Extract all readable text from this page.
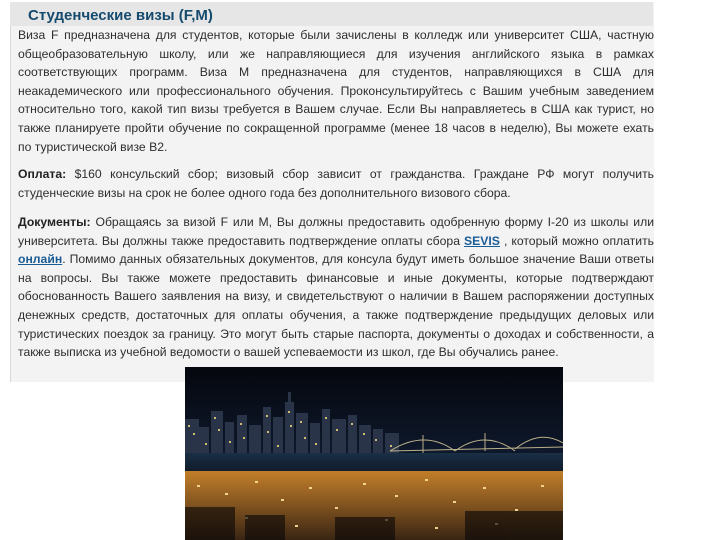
Студенческие визы (F,M)
Виза F предназначена для студентов, которые были зачислены в колледж или университет США, частную общеобразовательную школу, или же направляющиеся для изучения английского языка в рамках соответствующих программ. Виза М предназначена для студентов, направляющихся в США для неакадемического или профессионального обучения. Проконсультируйтесь с Вашим учебным заведением относительно того, какой тип визы требуется в Вашем случае. Если Вы направляетесь в США как турист, но также планируете пройти обучение по сокращенной программе (менее 18 часов в неделю), Вы можете ехать по туристической визе В2.
Оплата: $160 консульский сбор; визовый сбор зависит от гражданства. Граждане РФ могут получить студенческие визы на срок не более одного года без дополнительного визового сбора.
Документы: Обращаясь за визой F или M, Вы должны предоставить одобренную форму I-20 из школы или университета. Вы должны также предоставить подтверждение оплаты сбора SEVIS , который можно оплатить онлайн. Помимо данных обязательных документов, для консула будут иметь большое значение Ваши ответы на вопросы. Вы также можете предоставить финансовые и иные документы, которые подтверждают обоснованность Вашего заявления на визу, и свидетельствуют о наличии в Вашем распоряжении доступных денежных средств, достаточных для оплаты обучения, а также подтверждение предыдущих деловых или туристических поездок за границу. Это могут быть старые паспорта, документы о доходах и собственности, а также выписка из учебной ведомости о вашей успеваемости из школ, где Вы обучались ранее.
